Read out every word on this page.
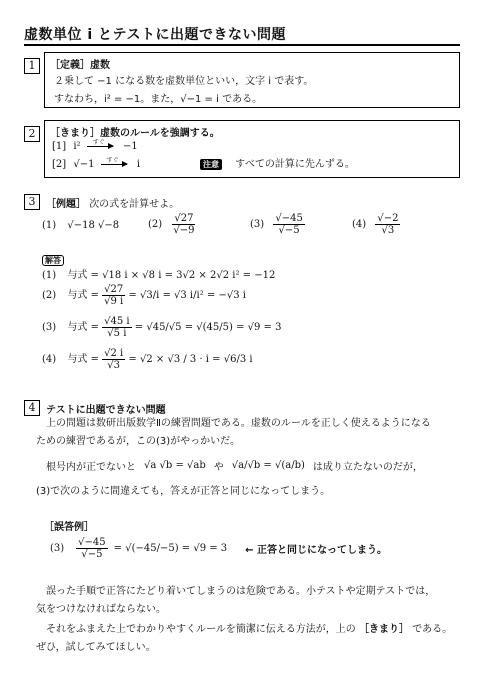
虚数単位 i とテストに出題できない問題
1	［定義］虚数
２乗して −1 になる数を虚数単位といい，文字 i で表す。
すなわち，i² = −1。また，√−1 = i である。
2	［きまり］虚数のルールを強調する。
[1] i² すぐ −1
[2] √−1 すぐ i	注意 すべての計算に先んずる。
3	［例題］ 次の式を計算せよ。
(1) √−18 √−8	$(2) \frac{√27}{√-9}$	$(3) \frac{√-45}{√-5}$	$(4) \frac{√-2}{√3}$
解答
(1) 与式 = √18 i × √8 i = 3√2 × 2√2 i² = −12
(2) 与式 = $\frac{√27}{√9 i} = √3/i = √3$ i/i² = −√3 i
(3) 与式 = $\frac{√45 i}{√5 i} = √45/√5 = √(45/5) = √9 = 3$
(4) 与式 = $\frac{√2 i}{√3} = √2 \times √3 / 3 \cdot i = √6/3$ i
4	テストに出題できない問題
上の問題は数研出版数学Ⅱの練習問題である。虚数のルールを正しく使えるようになる
ための練習であるが，この(3)がやっかいだ。
根号内が正でないと √a √b = √ab や √a/√b = √(a/b) は成り立たないのだが，
(3)で次のように間違えても，答えが正答と同じになってしまう。
［誤答例］
$(3) \frac{√-45}{√-5} = √(-45/-5) = √9 = 3$ ← 正答と同じになってしまう。
誤った手順で正答にたどり着いてしまうのは危険である。小テストや定期テストでは，
気をつけなければならない。
それをふまえた上でわかりやすくルールを簡潔に伝える方法が，上の ［きまり］ である。
ぜひ，試してみてほしい。
